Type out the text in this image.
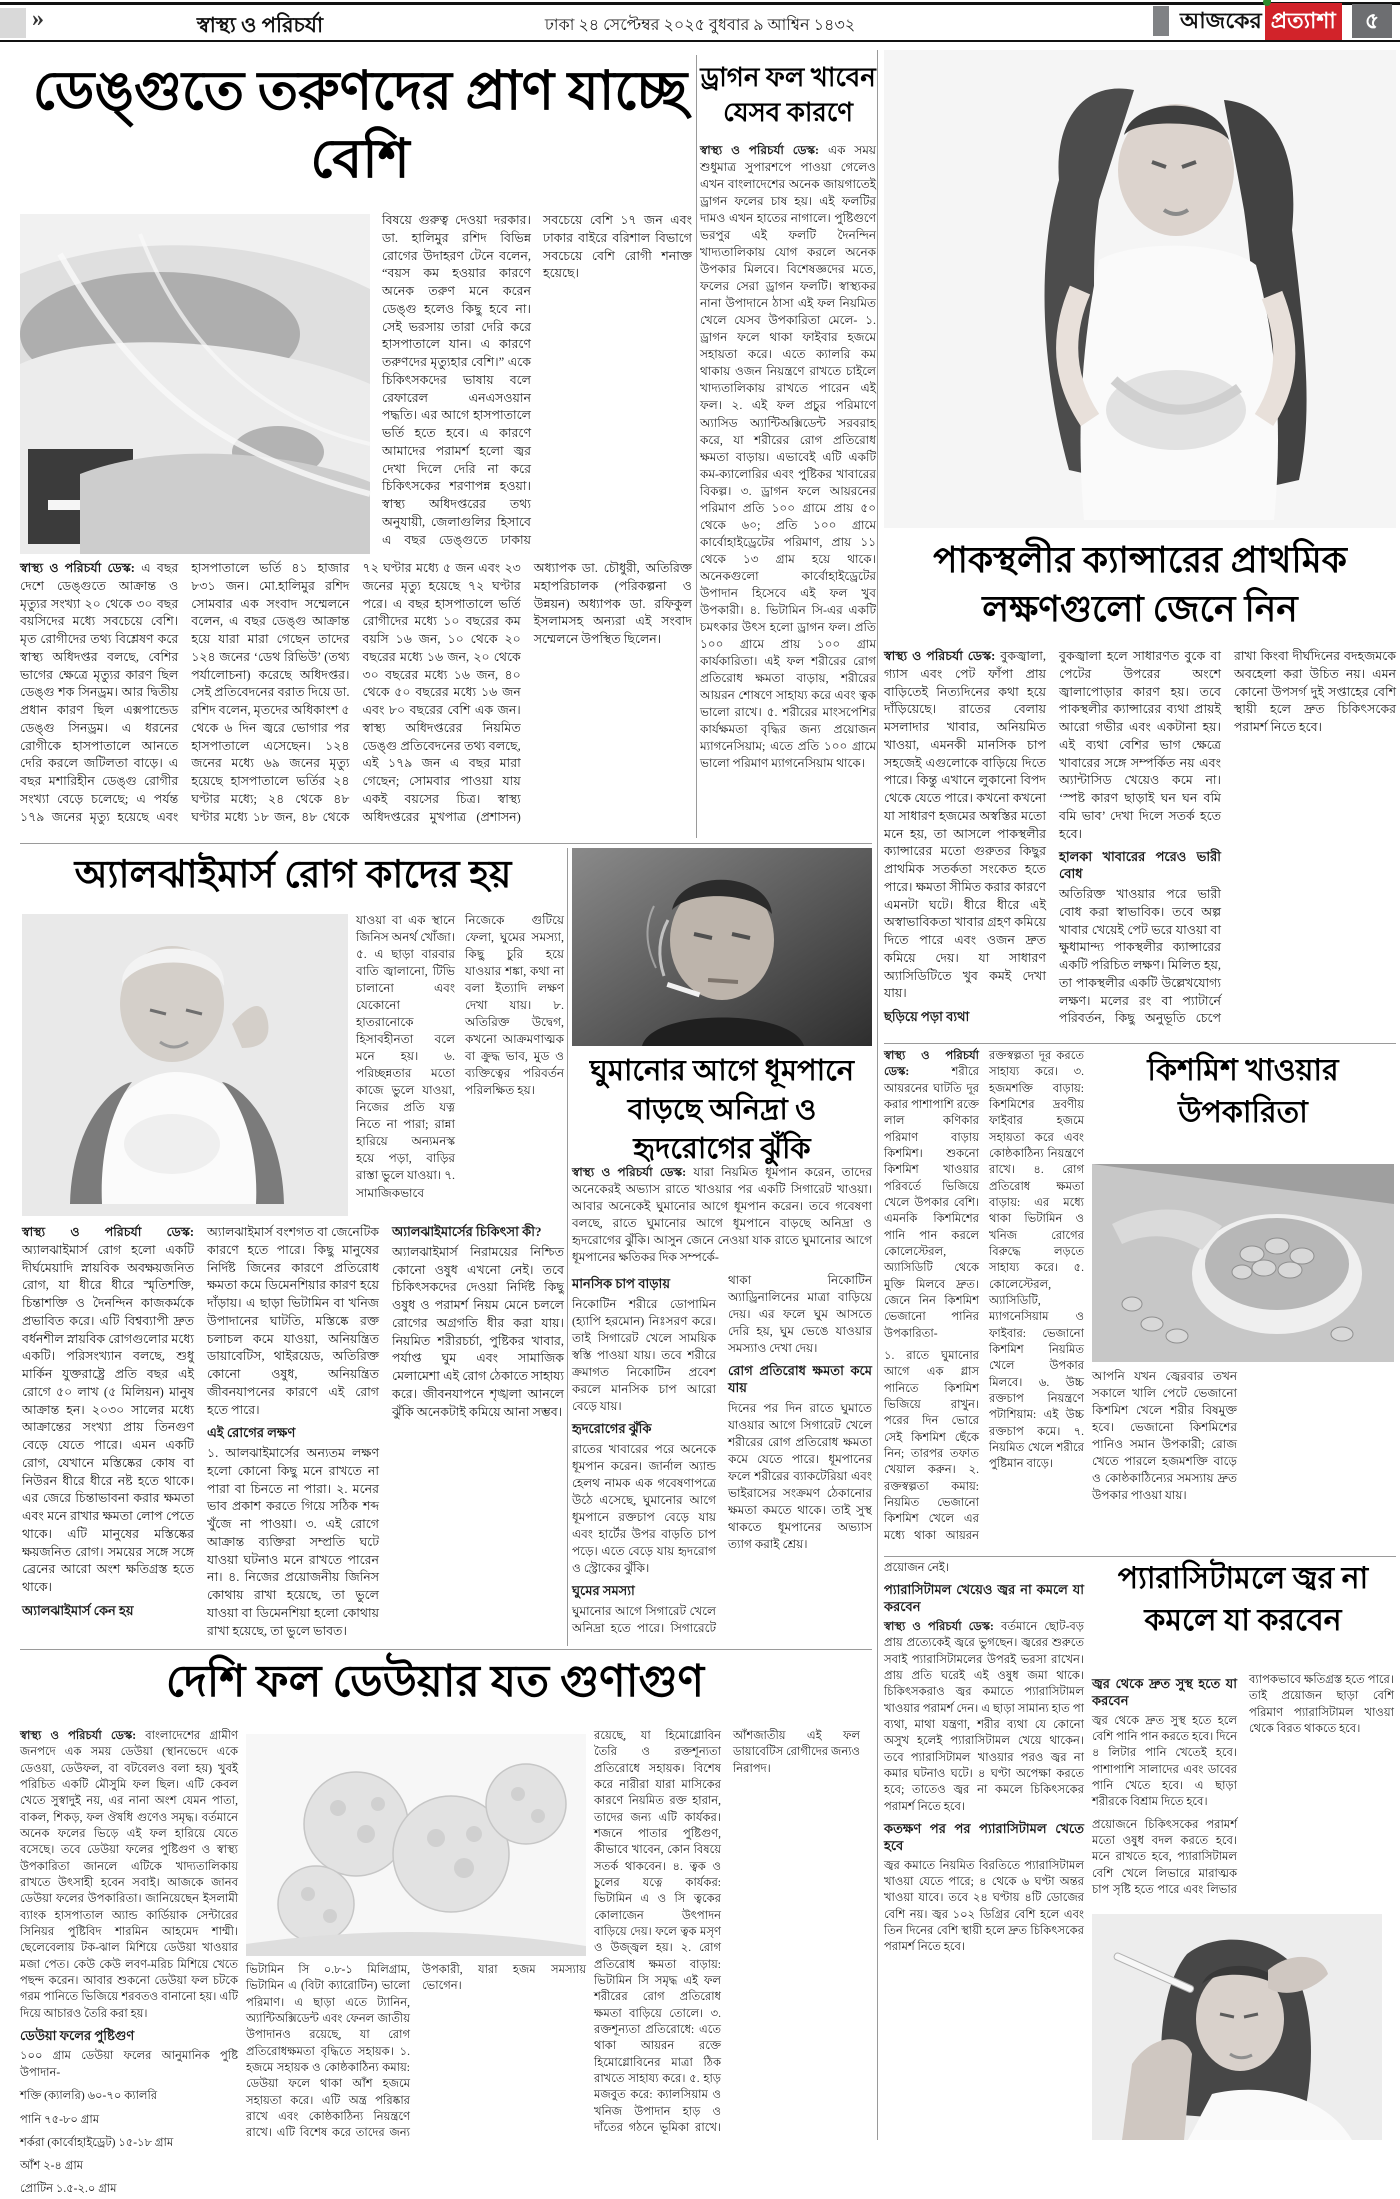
»	স্বাস্থ্য ও পরিচর্যা	ঢাকা ২৪ সেপ্টেম্বর ২০২৫ বুধবার ৯ আশ্বিন ১৪৩২	আজকের প্রত্যাশা	৫
ডেঙ্গুতে তরুণদের প্রাণ যাচ্ছে বেশি

বিষয়ে গুরুত্ব দেওয়া দরকার। ডা. হালিমুর রশিদ বিভিন্ন রোগের উদাহরণ টেনে বলেন, “বয়স কম হওয়ার কারণে অনেক তরুণ মনে করেন ডেঙ্গু হলেও কিছু হবে না। সেই ভরসায় তারা দেরি করে হাসপাতালে যান। এ কারণে তরুণদের মৃত্যুহার বেশি।” একে চিকিৎসকদের ভাষায় বলে রেফারেল এনএসওয়ান পদ্ধতি। এর আগে হাসপাতালে ভর্তি হতে হবে। এ কারণে আমাদের পরামর্শ হলো জ্বর দেখা দিলে দেরি না করে চিকিৎসকের শরণাপন্ন হওয়া। স্বাস্থ্য অধিদপ্তরের তথ্য অনুযায়ী, জেলাগুলির হিসাবে এ বছর ডেঙ্গুতে ঢাকায় সবচেয়ে বেশি ১৭ জন এবং ঢাকার বাইরে বরিশাল বিভাগে সবচেয়ে বেশি রোগী শনাক্ত হয়েছে।

স্বাস্থ্য ও পরিচর্যা ডেস্ক: এ বছর দেশে ডেঙ্গুতে আক্রান্ত ও মৃত্যুর সংখ্যা ২০ থেকে ৩০ বছর বয়সিদের মধ্যে সবচেয়ে বেশি। মৃত রোগীদের তথ্য বিশ্লেষণ করে স্বাস্থ্য অধিদপ্তর বলছে, বেশির ভাগের ক্ষেত্রে মৃত্যুর কারণ ছিল ডেঙ্গু শক সিনড্রম। আর দ্বিতীয় প্রধান কারণ ছিল এক্সপান্ডেড ডেঙ্গু সিনড্রম। এ ধরনের রোগীকে হাসপাতালে আনতে দেরি করলে জটিলতা বাড়ে। এ বছর মশারিহীন ডেঙ্গু রোগীর সংখ্যা বেড়ে চলেছে; এ পর্যন্ত ১৭৯ জনের মৃত্যু হয়েছে এবং হাসপাতালে ভর্তি ৪১ হাজার ৮৩১ জন। মো.হালিমুর রশিদ সোমবার এক সংবাদ সম্মেলনে বলেন, এ বছর ডেঙ্গু আক্রান্ত হয়ে যারা মারা গেছেন তাদের ১২৪ জনের ‘ডেথ রিভিউ’ (তথ্য পর্যালোচনা) করেছে অধিদপ্তর। সেই প্রতিবেদনের বরাত দিয়ে ডা. রশিদ বলেন, মৃতদের অধিকাংশ ৫ থেকে ৬ দিন জ্বরে ভোগার পর হাসপাতালে এসেছেন। ১২৪ জনের মধ্যে ৬৯ জনের মৃত্যু হয়েছে হাসপাতালে ভর্তির ২৪ ঘণ্টার মধ্যে; ২৪ থেকে ৪৮ ঘণ্টার মধ্যে ১৮ জন, ৪৮ থেকে ৭২ ঘণ্টার মধ্যে ৫ জন এবং ২৩ জনের মৃত্যু হয়েছে ৭২ ঘণ্টার পরে। এ বছর হাসপাতালে ভর্তি রোগীদের মধ্যে ১০ বছরের কম বয়সি ১৬ জন, ১০ থেকে ২০ বছরের মধ্যে ১৬ জন, ২০ থেকে ৩০ বছরের মধ্যে ১৬ জন, ৪০ থেকে ৫০ বছরের মধ্যে ১৬ জন এবং ৮০ বছরের বেশি এক জন। স্বাস্থ্য অধিদপ্তরের নিয়মিত ডেঙ্গু প্রতিবেদনের তথ্য বলছে, এই ১৭৯ জন এ বছর মারা গেছেন; সোমবার পাওয়া যায় একই বয়সের চিত্র। স্বাস্থ্য অধিদপ্তরের মুখপাত্র (প্রশাসন) অধ্যাপক ডা. চৌধুরী, অতিরিক্ত মহাপরিচালক (পরিকল্পনা ও উন্নয়ন) অধ্যাপক ডা. রফিকুল ইসলামসহ অন্যরা এই সংবাদ সম্মেলনে উপস্থিত ছিলেন।

ড্রাগন ফল খাবেন যেসব কারণে

স্বাস্থ্য ও পরিচর্যা ডেস্ক: এক সময় শুধুমাত্র সুপারশপে পাওয়া গেলেও এখন বাংলাদেশের অনেক জায়গাতেই ড্রাগন ফলের চাষ হয়। এই ফলটির দামও এখন হাতের নাগালে। পুষ্টিগুণে ভরপুর এই ফলটি দৈনন্দিন খাদ্যতালিকায় যোগ করলে অনেক উপকার মিলবে। বিশেষজ্ঞদের মতে, ফলের সেরা ড্রাগন ফলটি। স্বাস্থ্যকর নানা উপাদানে ঠাসা এই ফল নিয়মিত খেলে যেসব উপকারিতা মেলে- ১. ড্রাগন ফলে থাকা ফাইবার হজমে সহায়তা করে। এতে ক্যালরি কম থাকায় ওজন নিয়ন্ত্রণে রাখতে চাইলে খাদ্যতালিকায় রাখতে পারেন এই ফল। ২. এই ফল প্রচুর পরিমাণে অ্যাসিড অ্যান্টিঅক্সিডেন্ট সরবরাহ করে, যা শরীরের রোগ প্রতিরোধ ক্ষমতা বাড়ায়। এভাবেই এটি একটি কম-ক্যালোরির এবং পুষ্টিকর খাবারের বিকল্প। ৩. ড্রাগন ফলে আয়রনের পরিমাণ প্রতি ১০০ গ্রামে প্রায় ৫০ থেকে ৬০; প্রতি ১০০ গ্রামে কার্বোহাইড্রেটের পরিমাণ, প্রায় ১১ থেকে ১৩ গ্রাম হয়ে থাকে। অনেকগুলো কার্বোহাইড্রেটের উপাদান হিসেবে এই ফল খুব উপকারী। ৪. ভিটামিন সি-এর একটি চমৎকার উৎস হলো ড্রাগন ফল। প্রতি ১০০ গ্রামে প্রায় ১০০ গ্রাম কার্যকারিতা। এই ফল শরীরের রোগ প্রতিরোধ ক্ষমতা বাড়ায়, শরীরের আয়রন শোষণে সাহায্য করে এবং ত্বক ভালো রাখে। ৫. শরীরের মাংসপেশির কার্যক্ষমতা বৃদ্ধির জন্য প্রয়োজন ম্যাগনেসিয়াম; এতে প্রতি ১০০ গ্রামে ভালো পরিমাণ ম্যাগনেসিয়াম থাকে।

পাকস্থলীর ক্যান্সারের প্রাথমিক লক্ষণগুলো জেনে নিন

স্বাস্থ্য ও পরিচর্যা ডেস্ক: বুকজ্বালা, গ্যাস এবং পেট ফাঁপা প্রায় বাড়িতেই নিত্যদিনের কথা হয়ে দাঁড়িয়েছে। রাতের বেলায় মসলাদার খাবার, অনিয়মিত খাওয়া, এমনকী মানসিক চাপ সহজেই এগুলোকে বাড়িয়ে দিতে পারে। কিন্তু এখানে লুকানো বিপদ থেকে যেতে পারে। কখনো কখনো যা সাধারণ হজমের অস্বস্তির মতো মনে হয়, তা আসলে পাকস্থলীর ক্যান্সারের মতো গুরুতর কিছুর প্রাথমিক সতর্কতা সংকেত হতে পারে। ক্ষমতা সীমিত করার কারণে এমনটা ঘটে। ধীরে ধীরে এই অস্বাভাবিকতা খাবার গ্রহণ কমিয়ে দিতে পারে এবং ওজন দ্রুত কমিয়ে দেয়। যা সাধারণ অ্যাসিডিটিতে খুব কমই দেখা যায়।

ছড়িয়ে পড়া ব্যথা

বুকজ্বালা হলে সাধারণত বুকে বা পেটের উপরের অংশে জ্বালাপোড়ার কারণ হয়। তবে পাকস্থলীর ক্যান্সারের ব্যথা প্রায়ই আরো গভীর এবং একটানা হয়। এই ব্যথা বেশির ভাগ ক্ষেত্রে খাবারের সঙ্গে সম্পর্কিত নয় এবং অ্যান্টাসিড খেয়েও কমে না। ‘স্পষ্ট কারণ ছাড়াই ঘন ঘন বমি বমি ভাব’ দেখা দিলে সতর্ক হতে হবে।

হালকা খাবারের পরেও ভারী বোধ

অতিরিক্ত খাওয়ার পরে ভারী বোধ করা স্বাভাবিক। তবে অল্প খাবার খেয়েই পেট ভরে যাওয়া বা ক্ষুধামান্দ্য পাকস্থলীর ক্যান্সারের একটি পরিচিত লক্ষণ। মিলিত হয়, তা পাকস্থলীর একটি উল্লেখযোগ্য লক্ষণ। মলের রং বা প্যাটার্নে পরিবর্তন, কিছু অনুভূতি চেপে রাখা কিংবা দীর্ঘদিনের বদহজমকে অবহেলা করা উচিত নয়। এমন কোনো উপসর্গ দুই সপ্তাহের বেশি স্থায়ী হলে দ্রুত চিকিৎসকের পরামর্শ নিতে হবে।

অ্যালঝাইমার্স রোগ কাদের হয়

যাওয়া বা এক স্থানে জিনিস অনর্থ খোঁজা। ৫. এ ছাড়া বারবার বাতি জ্বালানো, টিভি চালানো এবং যেকোনো হাতরানোকে হিসাবহীনতা বলে মনে হয়। ৬. পরিচ্ছন্নতার মতো কাজে ভুলে যাওয়া, নিজের প্রতি যত্ন নিতে না পারা; রান্না হারিয়ে অন্যমনস্ক হয়ে পড়া, বাড়ির রাস্তা ভুলে যাওয়া। ৭. সামাজিকভাবে নিজেকে গুটিয়ে ফেলা, ঘুমের সমস্যা, কিছু চুরি হয়ে যাওয়ার শঙ্কা, কথা না বলা ইত্যাদি লক্ষণ দেখা যায়। ৮. অতিরিক্ত উদ্বেগ, কখনো আক্রমণাত্মক বা ক্রুদ্ধ ভাব, মুড ও ব্যক্তিত্বের পরিবর্তন পরিলক্ষিত হয়।

স্বাস্থ্য ও পরিচর্যা ডেস্ক: অ্যালঝাইমার্স রোগ হলো একটি দীর্ঘমেয়াদি স্নায়বিক অবক্ষয়জনিত রোগ, যা ধীরে ধীরে স্মৃতিশক্তি, চিন্তাশক্তি ও দৈনন্দিন কাজকর্মকে প্রভাবিত করে। এটি বিশ্বব্যাপী দ্রুত বর্ধনশীল স্নায়বিক রোগগুলোর মধ্যে একটি। পরিসংখ্যান বলছে, শুধু মার্কিন যুক্তরাষ্ট্রে প্রতি বছর এই রোগে ৫০ লাখ (৫ মিলিয়ন) মানুষ আক্রান্ত হন। ২০৩০ সালের মধ্যে আক্রান্তের সংখ্যা প্রায় তিনগুণ বেড়ে যেতে পারে। এমন একটি রোগ, যেখানে মস্তিষ্কের কোষ বা নিউরন ধীরে ধীরে নষ্ট হতে থাকে। এর জেরে চিন্তাভাবনা করার ক্ষমতা এবং মনে রাখার ক্ষমতা লোপ পেতে থাকে। এটি মানুষের মস্তিষ্কের ক্ষয়জনিত রোগ। সময়ের সঙ্গে সঙ্গে ব্রেনের আরো অংশ ক্ষতিগ্রস্ত হতে থাকে।

অ্যালঝাইমার্স কেন হয়

অ্যালঝাইমার্স বংশগত বা জেনেটিক কারণে হতে পারে। কিছু মানুষের নির্দিষ্ট জিনের কারণে প্রতিরোধ ক্ষমতা কমে ডিমেনশিয়ার কারণ হয়ে দাঁড়ায়। এ ছাড়া ভিটামিন বা খনিজ উপাদানের ঘাটতি, মস্তিষ্কে রক্ত চলাচল কমে যাওয়া, অনিয়ন্ত্রিত ডায়াবেটিস, থাইরয়েড, অতিরিক্ত কোনো ওষুধ, অনিয়ন্ত্রিত জীবনযাপনের কারণে এই রোগ হতে পারে।

এই রোগের লক্ষণ

১. আলঝাইমার্সের অন্যতম লক্ষণ হলো কোনো কিছু মনে রাখতে না পারা বা চিনতে না পারা। ২. মনের ভাব প্রকাশ করতে গিয়ে সঠিক শব্দ খুঁজে না পাওয়া। ৩. এই রোগে আক্রান্ত ব্যক্তিরা সম্প্রতি ঘটে যাওয়া ঘটনাও মনে রাখতে পারেন না। ৪. নিজের প্রয়োজনীয় জিনিস কোথায় রাখা হয়েছে, তা ভুলে যাওয়া বা ডিমেনশিয়া হলো কোথায় রাখা হয়েছে, তা ভুলে ভাবত।

অ্যালঝাইমার্সের চিকিৎসা কী?

অ্যালঝাইমার্স নিরাময়ের নিশ্চিত কোনো ওষুধ এখনো নেই। তবে চিকিৎসকদের দেওয়া নির্দিষ্ট কিছু ওষুধ ও পরামর্শ নিয়ম মেনে চললে রোগের অগ্রগতি ধীর করা যায়। নিয়মিত শরীরচর্চা, পুষ্টিকর খাবার, পর্যাপ্ত ঘুম এবং সামাজিক মেলামেশা এই রোগ ঠেকাতে সাহায্য করে। জীবনযাপনে শৃঙ্খলা আনলে ঝুঁকি অনেকটাই কমিয়ে আনা সম্ভব।

ঘুমানোর আগে ধূমপানে বাড়ছে অনিদ্রা ও হৃদরোগের ঝুঁকি

স্বাস্থ্য ও পরিচর্যা ডেস্ক: যারা নিয়মিত ধূমপান করেন, তাদের অনেকেরই অভ্যাস রাতে খাওয়ার পর একটি সিগারেট খাওয়া। আবার অনেকেই ঘুমানোর আগে ধূমপান করেন। তবে গবেষণা বলছে, রাতে ঘুমানোর আগে ধূমপানে বাড়ছে অনিদ্রা ও হৃদরোগের ঝুঁকি। আসুন জেনে নেওয়া যাক রাতে ঘুমানোর আগে ধূমপানের ক্ষতিকর দিক সম্পর্কে-

মানসিক চাপ বাড়ায়

নিকোটিন শরীরে ডোপামিন (হ্যাপি হরমোন) নিঃসরণ করে। তাই সিগারেট খেলে সাময়িক স্বস্তি পাওয়া যায়। তবে শরীরে ক্রমাগত নিকোটিন প্রবেশ করলে মানসিক চাপ আরো বেড়ে যায়।

হৃদরোগের ঝুঁকি

রাতের খাবারের পরে অনেকে ধূমপান করেন। জার্নাল অ্যান্ড হেলথ নামক এক গবেষণাপত্রে উঠে এসেছে, ঘুমানোর আগে ধূমপানে রক্তচাপ বেড়ে যায় এবং হার্টের উপর বাড়তি চাপ পড়ে। এতে বেড়ে যায় হৃদরোগ ও স্ট্রোকের ঝুঁকি।

ঘুমের সমস্যা

ঘুমানোর আগে সিগারেট খেলে অনিদ্রা হতে পারে। সিগারেটে থাকা নিকোটিন অ্যাড্রিনালিনের মাত্রা বাড়িয়ে দেয়। এর ফলে ঘুম আসতে দেরি হয়, ঘুম ভেঙে যাওয়ার সমস্যাও দেখা দেয়।

রোগ প্রতিরোধ ক্ষমতা কমে যায়

দিনের পর দিন রাতে ঘুমাতে যাওয়ার আগে সিগারেট খেলে শরীরের রোগ প্রতিরোধ ক্ষমতা কমে যেতে পারে। ধূমপানের ফলে শরীরের ব্যাকটেরিয়া এবং ভাইরাসের সংক্রমণ ঠেকানোর ক্ষমতা কমতে থাকে। তাই সুস্থ থাকতে ধূমপানের অভ্যাস ত্যাগ করাই শ্রেয়।

স্বাস্থ্য ও পরিচর্যা ডেস্ক:	শরীরে আয়রনের ঘাটতি দূর করার পাশাপাশি রক্তে লাল কণিকার পরিমাণ বাড়ায় কিশমিশ। শুকনো কিশমিশ খাওয়ার পরিবর্তে ভিজিয়ে খেলে উপকার বেশি। এমনকি কিশমিশের পানি পান করলে কোলেস্টেরল, অ্যাসিডিটি থেকে মুক্তি মিলবে দ্রুত। জেনে নিন কিশমিশ ভেজানো পানির উপকারিতা-

১. রাতে ঘুমানোর আগে এক গ্লাস পানিতে কিশমিশ ভিজিয়ে রাখুন। পরের দিন ভোরে সেই কিশমিশ ছেঁকে নিন; তারপর তফাত খেয়াল করুন। ২. রক্তস্বল্পতা কমায়: নিয়মিত ভেজানো কিশমিশ খেলে এর মধ্যে থাকা আয়রন রক্তস্বল্পতা দূর করতে সাহায্য করে। ৩. হজমশক্তি বাড়ায়: কিশমিশের দ্রবণীয় ফাইবার হজমে সহায়তা করে এবং কোষ্ঠকাঠিন্য নিয়ন্ত্রণে রাখে। ৪. রোগ প্রতিরোধ ক্ষমতা বাড়ায়: এর মধ্যে থাকা ভিটামিন ও খনিজ রোগের বিরুদ্ধে লড়তে সাহায্য করে। ৫. কোলেস্টেরল, অ্যাসিডিটি, ম্যাগনেসিয়াম ও ফাইবার: ভেজানো কিশমিশ নিয়মিত খেলে উপকার মিলবে। ৬. উচ্চ রক্তচাপ নিয়ন্ত্রণে পটাশিয়াম: এই উচ্চ রক্তচাপ কমে। ৭. নিয়মিত খেলে শরীরে পুষ্টিমান বাড়ে।

কিশমিশ খাওয়ার উপকারিতা

আপনি যখন জ্বেরবার তখন সকালে খালি পেটে ভেজানো কিশমিশ খেলে শরীর বিষমুক্ত হবে। ভেজানো কিশমিশের পানিও সমান উপকারী; রোজ খেতে পারলে হজমশক্তি বাড়ে ও কোষ্ঠকাঠিন্যের সমস্যায় দ্রুত উপকার পাওয়া যায়।

প্রয়োজন নেই।

প্যারাসিটামল খেয়েও জ্বর না কমলে যা করবেন

স্বাস্থ্য ও পরিচর্যা ডেস্ক: বর্তমানে ছোট-বড় প্রায় প্রত্যেকেই জ্বরে ভুগছেন। জ্বরের শুরুতে সবাই প্যারাসিটামলের উপরই ভরসা রাখেন। প্রায় প্রতি ঘরেই এই ওষুধ জমা থাকে। চিকিৎসকরাও জ্বর কমাতে প্যারাসিটামল খাওয়ার পরামর্শ দেন। এ ছাড়া সামান্য হাত পা ব্যথা, মাথা যন্ত্রণা, শরীর ব্যথা যে কোনো অসুখ হলেই প্যারাসিটামল খেয়ে থাকেন। তবে প্যারাসিটামল খাওয়ার পরও জ্বর না কমার ঘটনাও ঘটে। ৪ ঘণ্টা অপেক্ষা করতে হবে; তাতেও জ্বর না কমলে চিকিৎসকের পরামর্শ নিতে হবে।

কতক্ষণ পর পর প্যারাসিটামল খেতে হবে

জ্বর কমাতে নিয়মিত বিরতিতে প্যারাসিটামল খাওয়া যেতে পারে; ৪ থেকে ৬ ঘণ্টা অন্তর খাওয়া যাবে। তবে ২৪ ঘণ্টায় ৪টি ডোজের বেশি নয়। জ্বর ১০২ ডিগ্রির বেশি হলে এবং তিন দিনের বেশি স্থায়ী হলে দ্রুত চিকিৎসকের পরামর্শ নিতে হবে।

প্যারাসিটামলে জ্বর না কমলে যা করবেন
জ্বর থেকে দ্রুত সুস্থ হতে যা করবেন

জ্বর থেকে দ্রুত সুস্থ হতে হলে বেশি পানি পান করতে হবে। দিনে ৪ লিটার পানি খেতেই হবে। পাশাপাশি সালাদের এবং ডাবের পানি খেতে হবে। এ ছাড়া শরীরকে বিশ্রাম দিতে হবে।

প্রয়োজনে চিকিৎসকের পরামর্শ মতো ওষুধ বদল করতে হবে। মনে রাখতে হবে, প্যারাসিটামল বেশি খেলে লিভারে মারাত্মক চাপ সৃষ্টি হতে পারে এবং লিভার ব্যাপকভাবে ক্ষতিগ্রস্ত হতে পারে। তাই প্রয়োজন ছাড়া বেশি পরিমাণ প্যারাসিটামল খাওয়া থেকে বিরত থাকতে হবে।

দেশি ফল ডেউয়ার যত গুণাগুণ

স্বাস্থ্য ও পরিচর্যা ডেস্ক: বাংলাদেশের গ্রামীণ জনপদে এক সময় ডেউয়া (স্থানভেদে একে ডেওয়া, ডেউফল, বা বটবেলও বলা হয়) খুবই পরিচিত একটি মৌসুমি ফল ছিল। এটি কেবল খেতে সুস্বাদুই নয়, এর নানা অংশ যেমন পাতা, বাকল, শিকড়, ফল ঔষধি গুণেও সমৃদ্ধ। বর্তমানে অনেক ফলের ভিড়ে এই ফল হারিয়ে যেতে বসেছে। তবে ডেউয়া ফলের পুষ্টিগুণ ও স্বাস্থ্য উপকারিতা জানলে এটিকে খাদ্যতালিকায় রাখতে উৎসাহী হবেন সবাই। আজকে জানব ডেউয়া ফলের উপকারিতা। জানিয়েছেন ইসলামী ব্যাংক হাসপাতাল অ্যান্ড কার্ডিয়াক সেন্টারের সিনিয়র পুষ্টিবিদ শারমিন আহমেদ শাম্মী। ছেলেবেলায় টক-ঝাল মিশিয়ে ডেউয়া খাওয়ার মজা পেত। কেউ কেউ লবণ-মরিচ মিশিয়ে খেতে পছন্দ করেন। আবার শুকনো ডেউয়া ফল চটকে গরম পানিতে ভিজিয়ে শরবতও বানানো হয়। এটি দিয়ে আচারও তৈরি করা হয়।

ডেউয়া ফলের পুষ্টিগুণ

১০০ গ্রাম ডেউয়া ফলের আনুমানিক পুষ্টি উপাদান-

শক্তি (ক্যালরি) ৬০-৭০ ক্যালরি

পানি ৭৫-৮০ গ্রাম

শর্করা (কার্বোহাইড্রেট) ১৫-১৮ গ্রাম

আঁশ ২-৪ গ্রাম

প্রোটিন ১.৫-২.০ গ্রাম

ভিটামিন সি ০.৮-১ মিলিগ্রাম, ভিটামিন এ (বিটা ক্যারোটিন) ভালো পরিমাণ। এ ছাড়া এতে ট্যানিন, অ্যান্টিঅক্সিডেন্ট এবং ফেনল জাতীয় উপাদানও রয়েছে, যা রোগ প্রতিরোধক্ষমতা বৃদ্ধিতে সহায়ক। ১. হজমে সহায়ক ও কোষ্ঠকাঠিন্য কমায়: ডেউয়া ফলে থাকা আঁশ হজমে সহায়তা করে। এটি অন্ত্র পরিষ্কার রাখে এবং কোষ্ঠকাঠিন্য নিয়ন্ত্রণে রাখে। এটি বিশেষ করে তাদের জন্য উপকারী, যারা হজম সমস্যায় ভোগেন।

রয়েছে, যা হিমোগ্লোবিন তৈরি ও রক্তশূন্যতা প্রতিরোধে সহায়ক। বিশেষ করে নারীরা যারা মাসিকের কারণে নিয়মিত রক্ত হারান, তাদের জন্য এটি কার্যকর। শজনে পাতার পুষ্টিগুণ, কীভাবে খাবেন, কোন বিষয়ে সতর্ক থাকবেন। ৪. ত্বক ও চুলের যত্নে কার্যকর: ভিটামিন এ ও সি ত্বকের কোলাজেন উৎপাদন বাড়িয়ে দেয়। ফলে ত্বক মসৃণ ও উজ্জ্বল হয়। ২. রোগ প্রতিরোধ ক্ষমতা বাড়ায়: ভিটামিন সি সমৃদ্ধ এই ফল শরীরের রোগ প্রতিরোধ ক্ষমতা বাড়িয়ে তোলে। ৩. রক্তশূন্যতা প্রতিরোধে: এতে থাকা আয়রন রক্তে হিমোগ্লোবিনের মাত্রা ঠিক রাখতে সাহায্য করে। ৫. হাড় মজবুত করে: ক্যালসিয়াম ও খনিজ উপাদান হাড় ও দাঁতের গঠনে ভূমিকা রাখে। আঁশজাতীয় এই ফল ডায়াবেটিস রোগীদের জন্যও নিরাপদ।
